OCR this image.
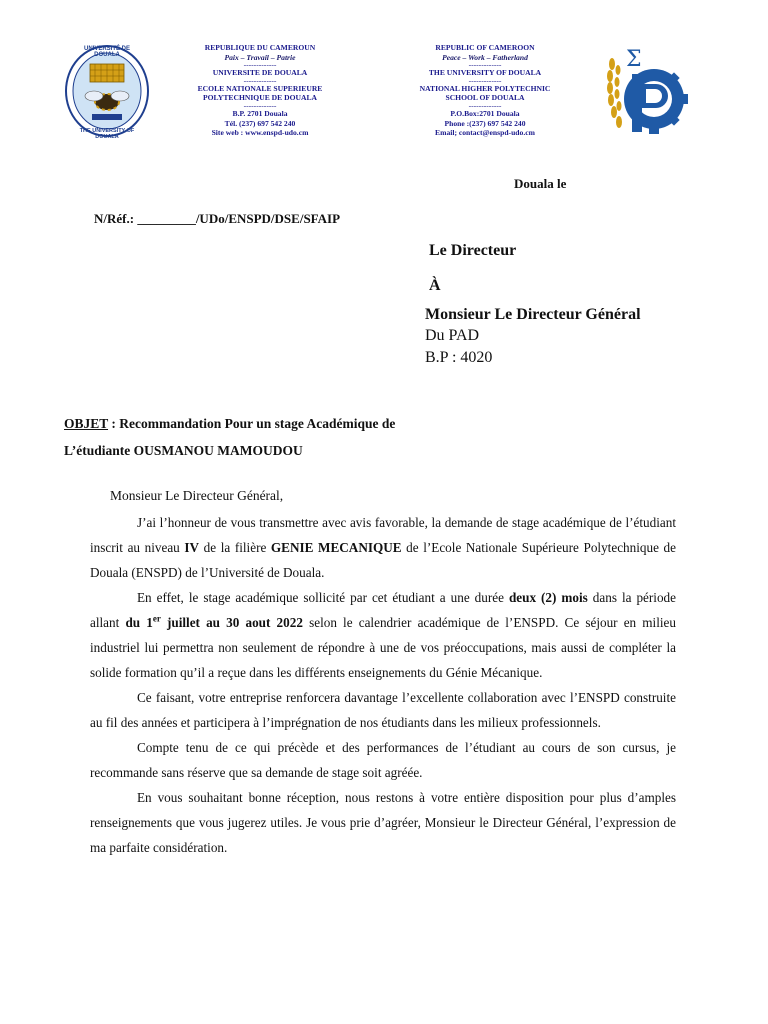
UNIVERSITÉ DE DOUALA
THE UNIVERSITY OF DOUALA
REPUBLIQUE DU CAMEROUN
Paix – Travail – Patrie
-------------
UNIVERSITE DE DOUALA
-------------
ECOLE NATIONALE SUPERIEURE
POLYTECHNIQUE DE DOUALA
-------------
B.P. 2701 Douala
Tél. (237) 697 542 240
Site web : www.enspd-udo.cm
REPUBLIC OF CAMEROON
Peace – Work – Fatherland
-------------
THE UNIVERSITY OF DOUALA
-------------
NATIONAL HIGHER POLYTECHNIC
SCHOOL OF DOUALA
-------------
P.O.Box:2701 Douala
Phone :(237) 697 542 240
Email; contact@enspd-udo.cm
Σ
Douala le
N/Réf.: _________/UDo/ENSPD/DSE/SFAIP
Le Directeur
À
Monsieur Le Directeur Général
Du PAD
B.P : 4020
OBJET : Recommandation Pour un stage Académique de
L’étudiante OUSMANOU MAMOUDOU
Monsieur Le Directeur Général,

J’ai l’honneur de vous transmettre avec avis favorable, la demande de stage académique de l’étudiant inscrit au niveau IV de la filière GENIE MECANIQUE de l’Ecole Nationale Supérieure Polytechnique de Douala (ENSPD) de l’Université de Douala.

En effet, le stage académique sollicité par cet étudiant a une durée deux (2) mois dans la période allant du 1er juillet au 30 aout 2022 selon le calendrier académique de l’ENSPD. Ce séjour en milieu industriel lui permettra non seulement de répondre à une de vos préoccupations, mais aussi de compléter la solide formation qu’il a reçue dans les différents enseignements du Génie Mécanique.

Ce faisant, votre entreprise renforcera davantage l’excellente collaboration avec l’ENSPD construite au fil des années et participera à l’imprégnation de nos étudiants dans les milieux professionnels.

Compte tenu de ce qui précède et des performances de l’étudiant au cours de son cursus, je recommande sans réserve que sa demande de stage soit agréée.

En vous souhaitant bonne réception, nous restons à votre entière disposition pour plus d’amples renseignements que vous jugerez utiles. Je vous prie d’agréer, Monsieur le Directeur Général, l’expression de ma parfaite considération.
